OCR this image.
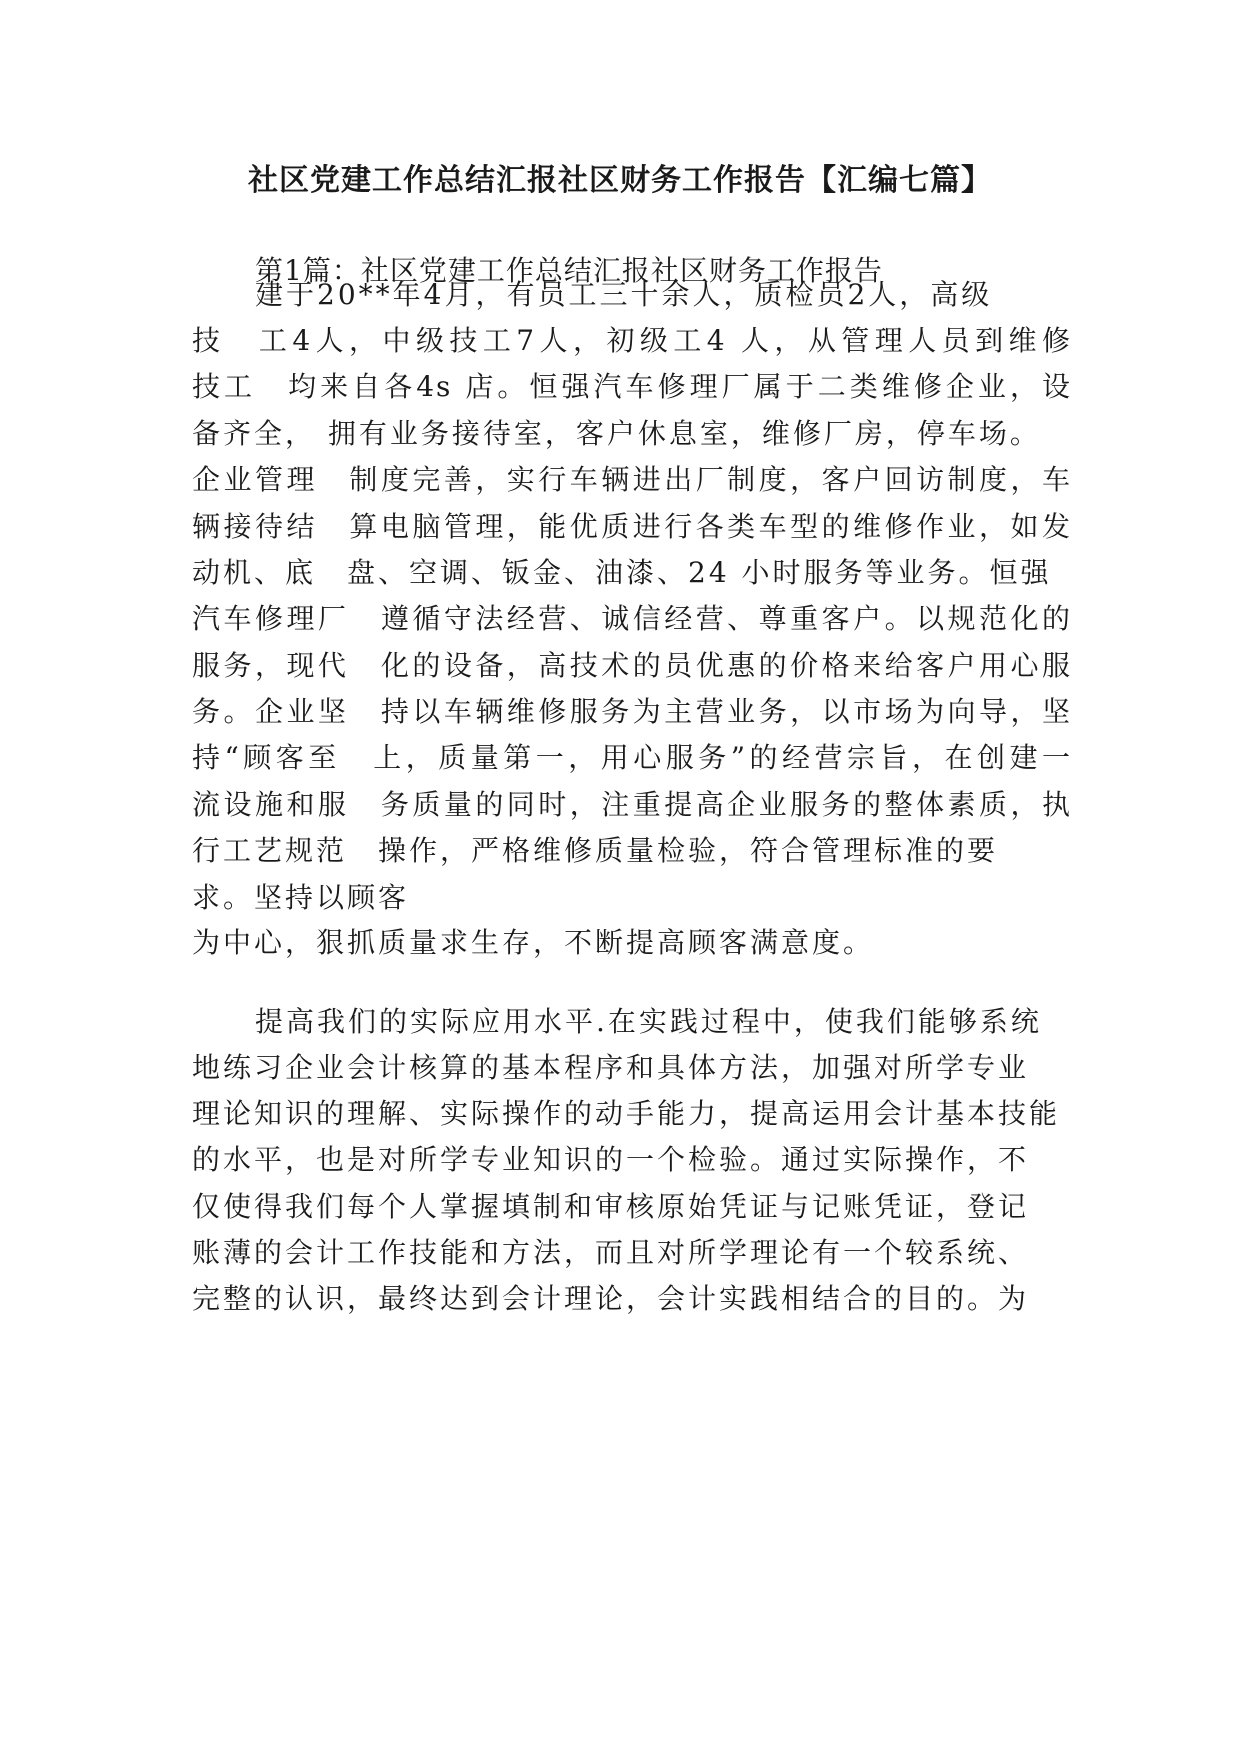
社区党建工作总结汇报社区财务工作报告【汇编七篇】

第1篇：社区党建工作总结汇报社区财务工作报告

建于20**年4月，有员工三十余人，质检员2人，高级

技　工4人，中级技工7人，初级工4 人，从管理人员到维修

技工　均来自各4s 店。恒强汽车修理厂属于二类维修企业，设

备齐全， 拥有业务接待室，客户休息室，维修厂房，停车场。

企业管理　制度完善，实行车辆进出厂制度，客户回访制度，车

辆接待结　算电脑管理，能优质进行各类车型的维修作业，如发

动机、底　盘、空调、钣金、油漆、24 小时服务等业务。恒强

汽车修理厂　遵循守法经营、诚信经营、尊重客户。以规范化的

服务，现代　化的设备，高技术的员优惠的价格来给客户用心服

务。企业坚　持以车辆维修服务为主营业务，以市场为向导，坚

持“顾客至　上，质量第一，用心服务”的经营宗旨，在创建一

流设施和服　务质量的同时，注重提高企业服务的整体素质，执

行工艺规范　操作，严格维修质量检验，符合管理标准的要

求。坚持以顾客

为中心，狠抓质量求生存，不断提高顾客满意度。

提高我们的实际应用水平.在实践过程中，使我们能够系统

地练习企业会计核算的基本程序和具体方法，加强对所学专业

理论知识的理解、实际操作的动手能力，提高运用会计基本技能

的水平，也是对所学专业知识的一个检验。通过实际操作，不

仅使得我们每个人掌握填制和审核原始凭证与记账凭证，登记

账薄的会计工作技能和方法，而且对所学理论有一个较系统、

完整的认识，最终达到会计理论，会计实践相结合的目的。为
